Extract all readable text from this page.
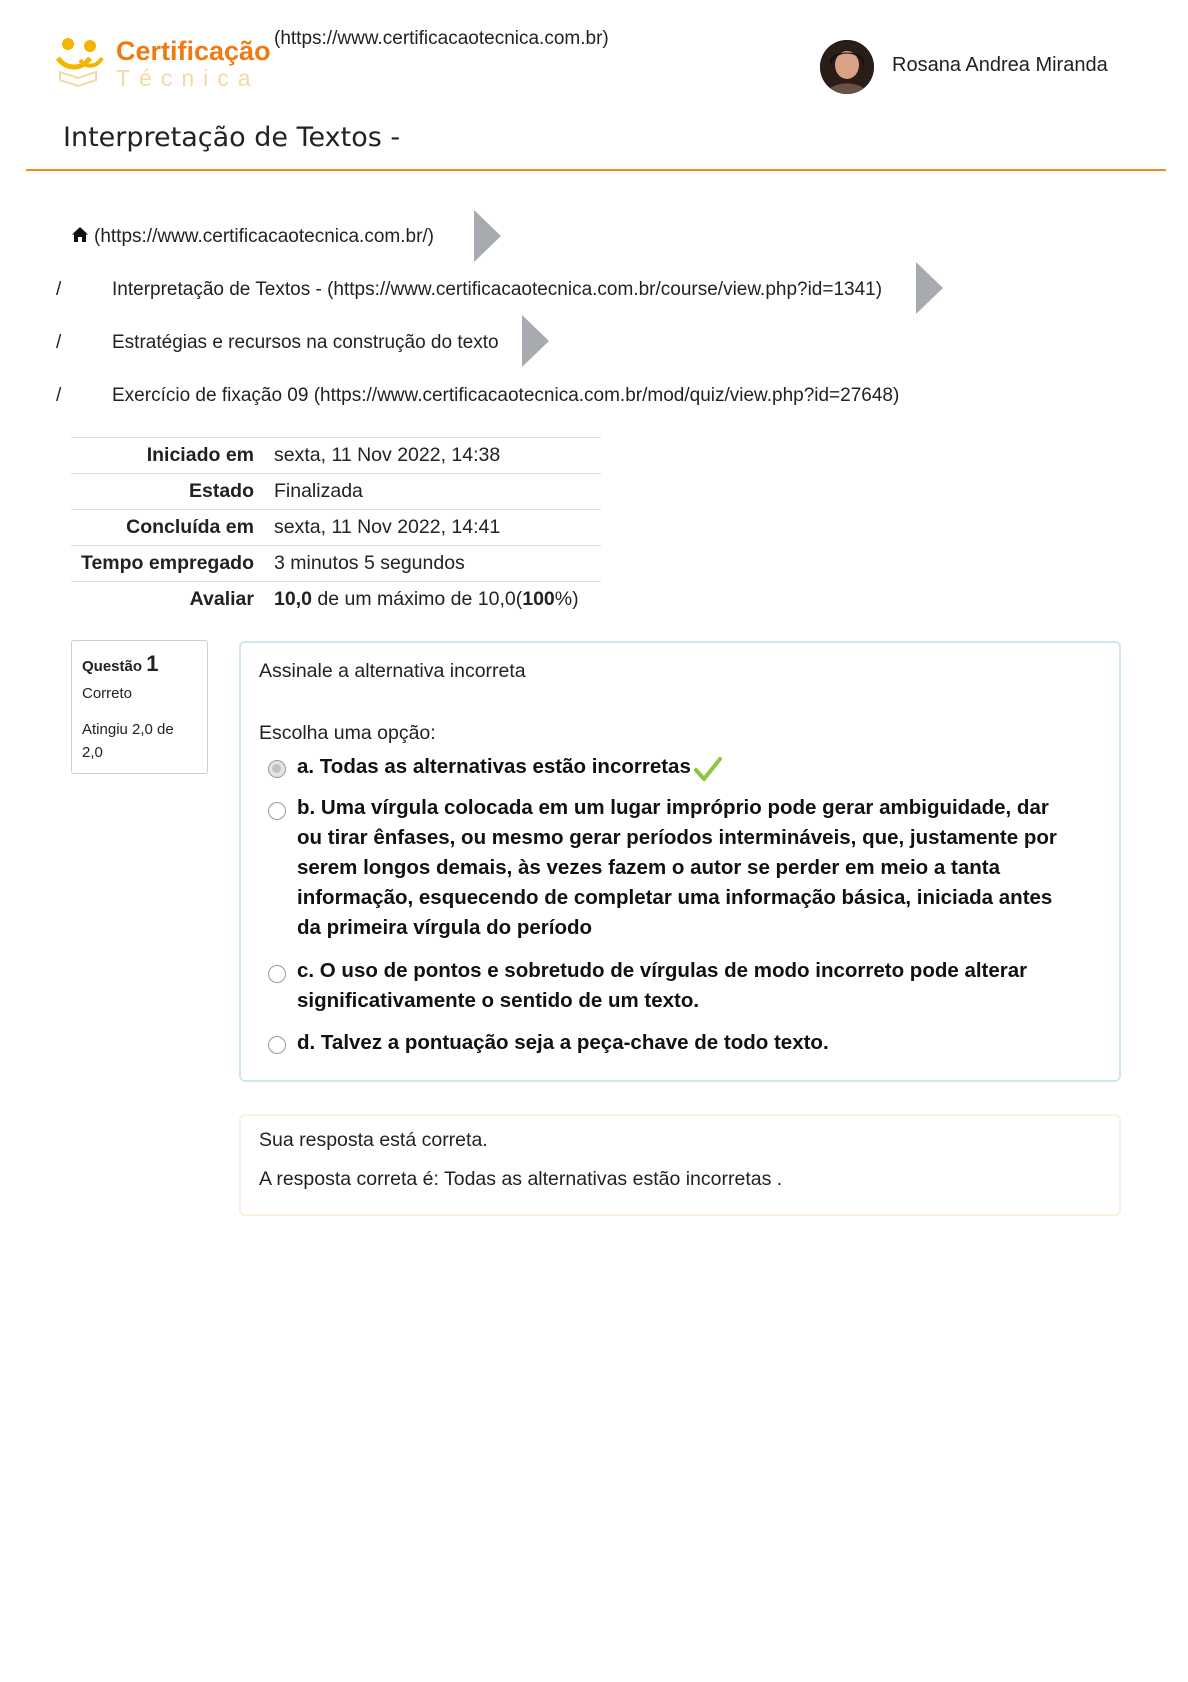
Certificação
Técnica
(https://www.certificacaotecnica.com.br)
Rosana Andrea Miranda
Interpretação de Textos -
(https://www.certificacaotecnica.com.br/)
/	Interpretação de Textos - (https://www.certificacaotecnica.com.br/course/view.php?id=1341)
/	Estratégias e recursos na construção do texto
/	Exercício de fixação 09 (https://www.certificacaotecnica.com.br/mod/quiz/view.php?id=27648)
Iniciado em	sexta, 11 Nov 2022, 14:38
Estado	Finalizada
Concluída em	sexta, 11 Nov 2022, 14:41
Tempo empregado	3 minutos 5 segundos
Avaliar	10,0 de um máximo de 10,0(100%)
Questão 1
Correto
Atingiu 2,0 de 2,0
Assinale a alternativa incorreta
Escolha uma opção:
a. Todas as alternativas estão incorretas
b. Uma vírgula colocada em um lugar impróprio pode gerar ambiguidade, dar ou tirar ênfases, ou mesmo gerar períodos intermináveis, que, justamente por serem longos demais, às vezes fazem o autor se perder em meio a tanta informação, esquecendo de completar uma informação básica, iniciada antes da primeira vírgula do período
c. O uso de pontos e sobretudo de vírgulas de modo incorreto pode alterar significativamente o sentido de um texto.
d. Talvez a pontuação seja a peça-chave de todo texto.
Sua resposta está correta.
A resposta correta é: Todas as alternativas estão incorretas .
